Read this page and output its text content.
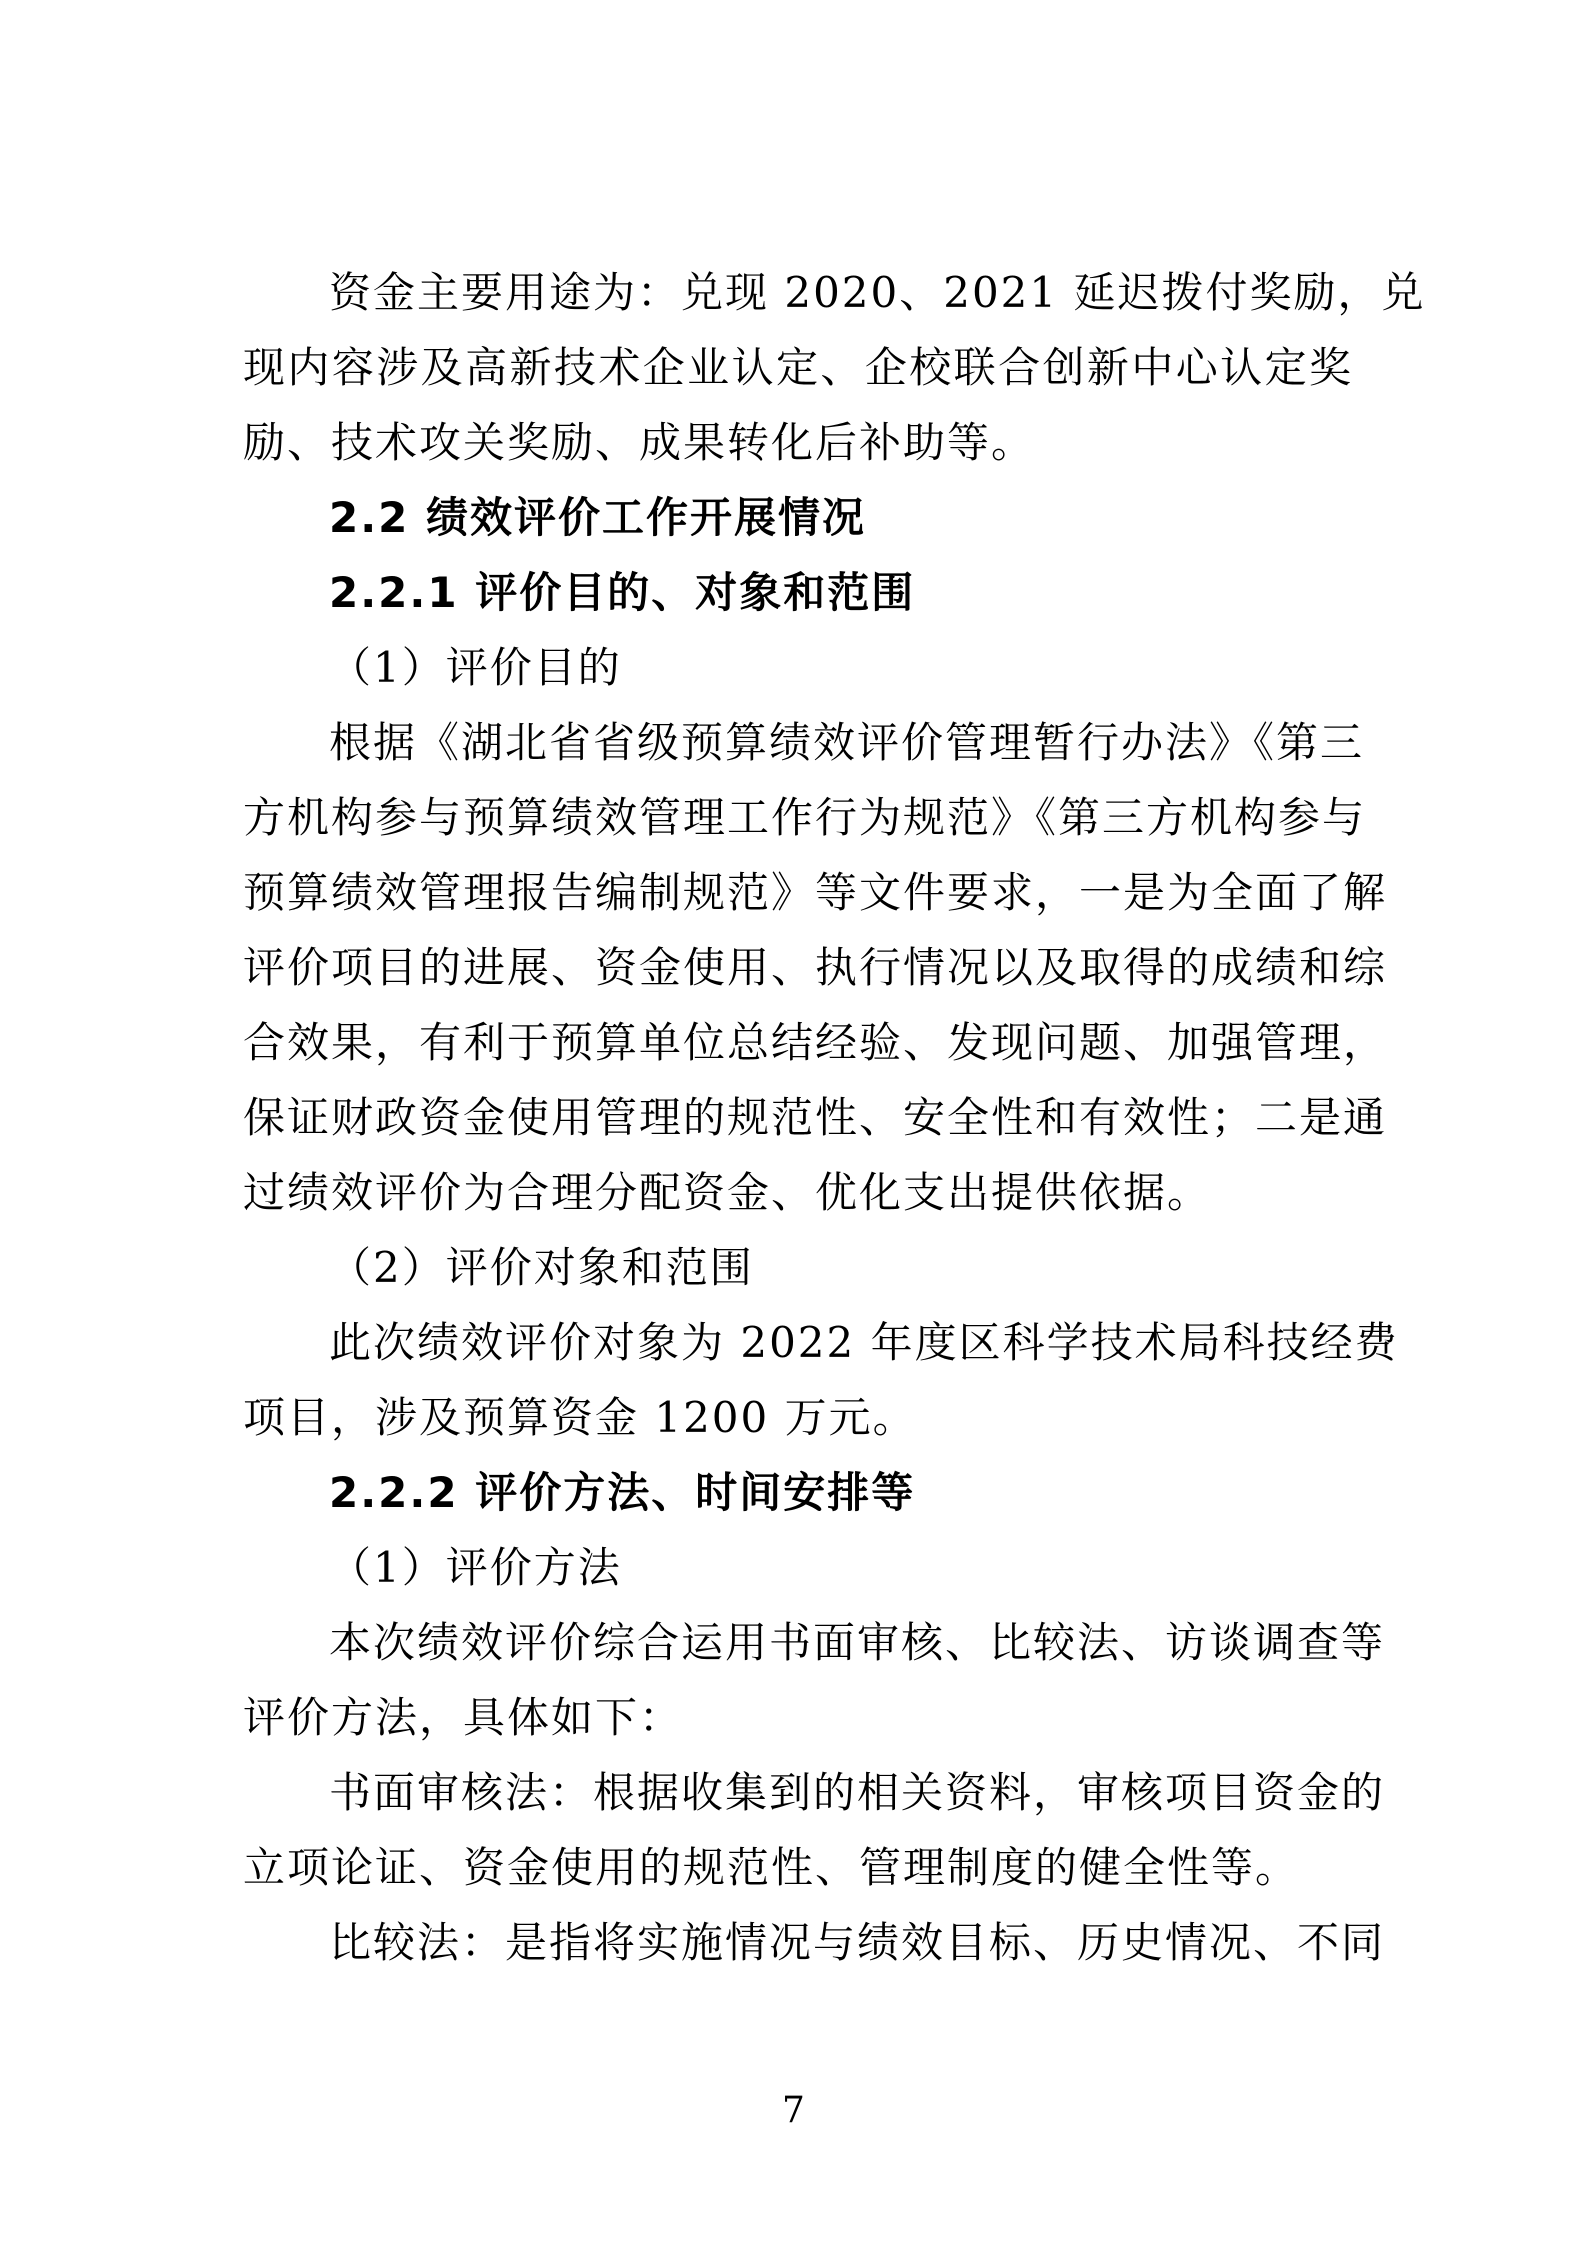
资金主要用途为：兑现 2020、2021 延迟拨付奖励，兑
现内容涉及高新技术企业认定、企校联合创新中心认定奖
励、技术攻关奖励、成果转化后补助等。
2.2 绩效评价工作开展情况
2.2.1 评价目的、对象和范围
（1）评价目的
根据《湖北省省级预算绩效评价管理暂行办法》《第三
方机构参与预算绩效管理工作行为规范》《第三方机构参与
预算绩效管理报告编制规范》等文件要求，一是为全面了解
评价项目的进展、资金使用、执行情况以及取得的成绩和综
合效果，有利于预算单位总结经验、发现问题、加强管理，
保证财政资金使用管理的规范性、安全性和有效性；二是通
过绩效评价为合理分配资金、优化支出提供依据。
（2）评价对象和范围
此次绩效评价对象为 2022 年度区科学技术局科技经费
项目，涉及预算资金 1200 万元。
2.2.2 评价方法、时间安排等
（1）评价方法
本次绩效评价综合运用书面审核、比较法、访谈调查等
评价方法，具体如下：
书面审核法：根据收集到的相关资料，审核项目资金的
立项论证、资金使用的规范性、管理制度的健全性等。
比较法：是指将实施情况与绩效目标、历史情况、不同
7
